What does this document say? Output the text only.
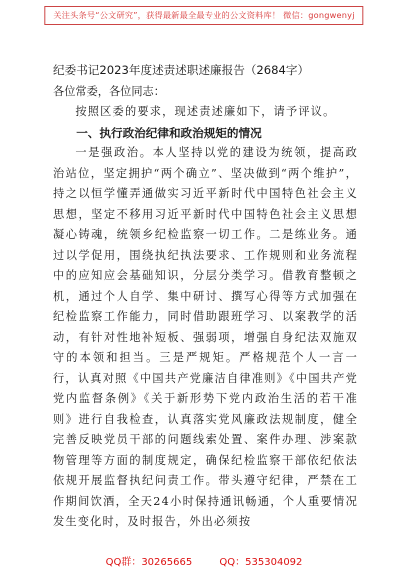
关注头条号“公文研究”，获得最新最全最专业的公文资料库！ 微信：gongwenyj
纪委书记2023年度述责述职述廉报告（2684字）

各位常委，各位同志：

按照区委的要求，现述责述廉如下，请予评议。

一、执行政治纪律和政治规矩的情况

一是强政治。本人坚持以党的建设为统领，提高政治站位，坚定拥护“两个确立”、坚决做到“两个维护”，持之以恒学懂弄通做实习近平新时代中国特色社会主义思想，坚定不移用习近平新时代中国特色社会主义思想凝心铸魂，统领乡纪检监察一切工作。二是练业务。通过以学促用，围绕执纪执法要求、工作规则和业务流程中的应知应会基础知识，分层分类学习。借教育整顿之机，通过个人自学、集中研讨、撰写心得等方式加强在纪检监察工作能力，同时借助跟班学习、以案教学的活动，有针对性地补短板、强弱项，增强自身纪法双施双守的本领和担当。三是严规矩。严格规范个人一言一行，认真对照《中国共产党廉洁自律准则》《中国共产党党内监督条例》《关于新形势下党内政治生活的若干准则》进行自我检查，认真落实党风廉政法规制度，健全完善反映党员干部的问题线索处置、案件办理、涉案款物管理等方面的制度规定，确保纪检监察干部依纪依法依规开展监督执纪问责工作。带头遵守纪律，严禁在工作期间饮酒，全天24小时保持通讯畅通，个人重要情况发生变化时，及时报告，外出必须按

QQ群：30265665	QQ：535304092
